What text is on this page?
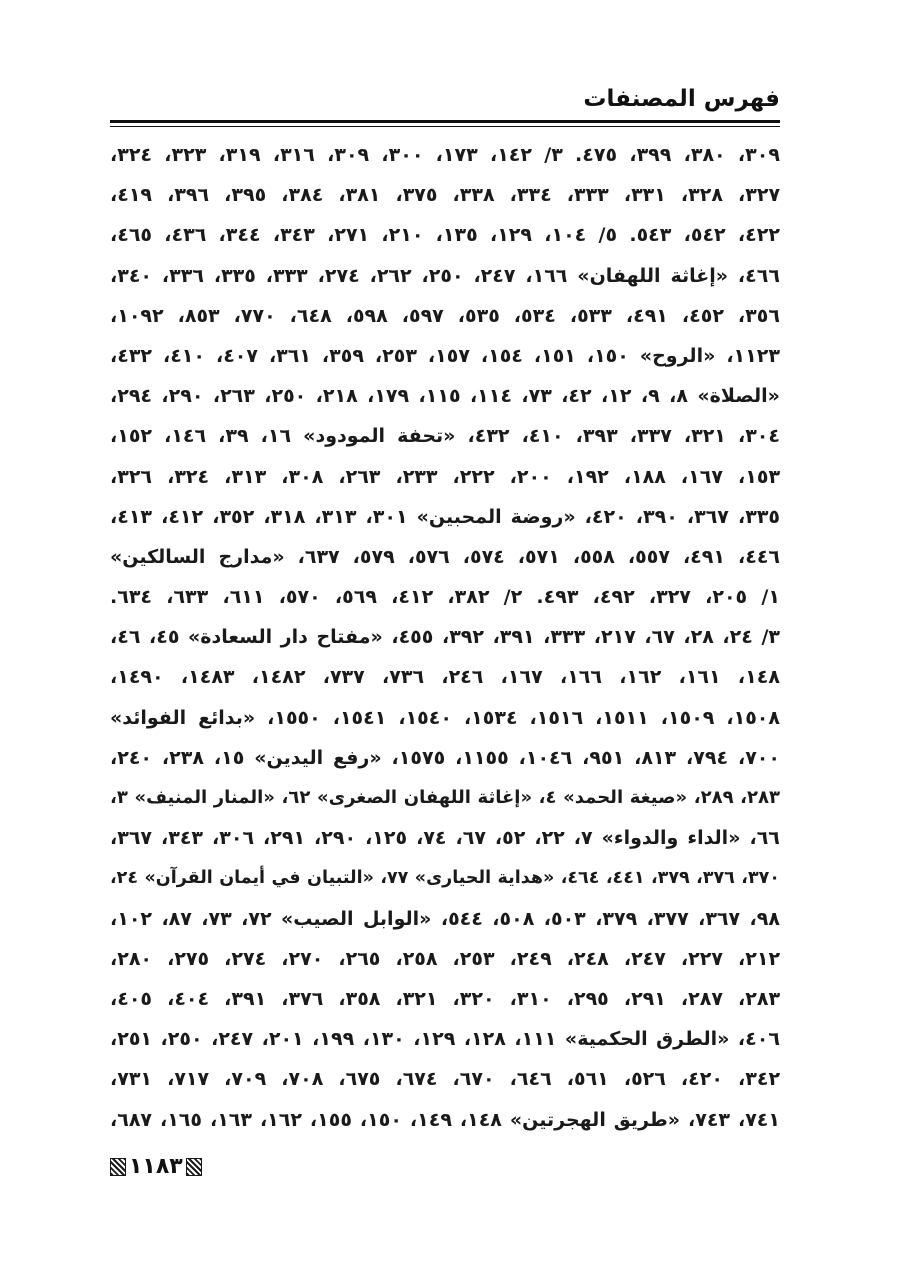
فهرس المصنفات
٣٠٩، ٣٨٠، ٣٩٩، ٤٧٥. ٣/ ١٤٢، ١٧٣، ٣٠٠، ٣٠٩، ٣١٦، ٣١٩، ٣٢٣، ٣٢٤،
٣٢٧، ٣٢٨، ٣٣١، ٣٣٣، ٣٣٤، ٣٣٨، ٣٧٥، ٣٨١، ٣٨٤، ٣٩٥، ٣٩٦، ٤١٩،
٤٢٢، ٥٤٢، ٥٤٣. ٥/ ١٠٤، ١٢٩، ١٣٥، ٢١٠، ٢٧١، ٣٤٣، ٣٤٤، ٤٣٦، ٤٦٥،
٤٦٦، «إغاثة اللهفان» ١٦٦، ٢٤٧، ٢٥٠، ٢٦٢، ٢٧٤، ٣٣٣، ٣٣٥، ٣٣٦، ٣٤٠،
٣٥٦، ٤٥٢، ٤٩١، ٥٣٣، ٥٣٤، ٥٣٥، ٥٩٧، ٥٩٨، ٦٤٨، ٧٧٠، ٨٥٣، ١٠٩٢،
١١٢٣، «الروح» ١٥٠، ١٥١، ١٥٤، ١٥٧، ٢٥٣، ٣٥٩، ٣٦١، ٤٠٧، ٤١٠، ٤٣٢،
«الصلاة» ٨، ٩، ١٢، ٤٢، ٧٣، ١١٤، ١١٥، ١٧٩، ٢١٨، ٢٥٠، ٢٦٣، ٢٩٠، ٢٩٤،
٣٠٤، ٣٢١، ٣٣٧، ٣٩٣، ٤١٠، ٤٣٢، «تحفة المودود» ١٦، ٣٩، ١٤٦، ١٥٢،
١٥٣، ١٦٧، ١٨٨، ١٩٢، ٢٠٠، ٢٢٢، ٢٣٣، ٢٦٣، ٣٠٨، ٣١٣، ٣٢٤، ٣٢٦،
٣٣٥، ٣٦٧، ٣٩٠، ٤٢٠، «روضة المحبين» ٣٠١، ٣١٣، ٣١٨، ٣٥٢، ٤١٢، ٤١٣،
٤٤٦، ٤٩١، ٥٥٧، ٥٥٨، ٥٧١، ٥٧٤، ٥٧٦، ٥٧٩، ٦٣٧، «مدارج السالكين»
١/ ٢٠٥، ٣٢٧، ٤٩٢، ٤٩٣. ٢/ ٣٨٢، ٤١٢، ٥٦٩، ٥٧٠، ٦١١، ٦٣٣، ٦٣٤.
٣/ ٢٤، ٢٨، ٦٧، ٢١٧، ٣٣٣، ٣٩١، ٣٩٢، ٤٥٥، «مفتاح دار السعادة» ٤٥، ٤٦،
١٤٨، ١٦١، ١٦٢، ١٦٦، ١٦٧، ٢٤٦، ٧٣٦، ٧٣٧، ١٤٨٢، ١٤٨٣، ١٤٩٠،
١٥٠٨، ١٥٠٩، ١٥١١، ١٥١٦، ١٥٣٤، ١٥٤٠، ١٥٤١، ١٥٥٠، «بدائع الفوائد»
٧٠٠، ٧٩٤، ٨١٣، ٩٥١، ١٠٤٦، ١١٥٥، ١٥٧٥، «رفع اليدين» ١٥، ٢٣٨، ٢٤٠،
٢٨٣، ٢٨٩، «صيغة الحمد» ٤، «إغاثة اللهفان الصغرى» ٦٢، «المنار المنيف» ٣،
٦٦، «الداء والدواء» ٧، ٢٢، ٥٢، ٦٧، ٧٤، ١٢٥، ٢٩٠، ٢٩١، ٣٠٦، ٣٤٣، ٣٦٧،
٣٧٠، ٣٧٦، ٣٧٩، ٤٤١، ٤٦٤، «هداية الحيارى» ٧٧، «التبيان في أيمان القرآن» ٢٤،
٩٨، ٣٦٧، ٣٧٧، ٣٧٩، ٥٠٣، ٥٠٨، ٥٤٤، «الوابل الصيب» ٧٢، ٧٣، ٨٧، ١٠٢،
٢١٢، ٢٢٧، ٢٤٧، ٢٤٨، ٢٤٩، ٢٥٣، ٢٥٨، ٢٦٥، ٢٧٠، ٢٧٤، ٢٧٥، ٢٨٠،
٢٨٣، ٢٨٧، ٢٩١، ٢٩٥، ٣١٠، ٣٢٠، ٣٢١، ٣٥٨، ٣٧٦، ٣٩١، ٤٠٤، ٤٠٥،
٤٠٦، «الطرق الحكمية» ١١١، ١٢٨، ١٢٩، ١٣٠، ١٩٩، ٢٠١، ٢٤٧، ٢٥٠، ٢٥١،
٣٤٢، ٤٢٠، ٥٢٦، ٥٦١، ٦٤٦، ٦٧٠، ٦٧٤، ٦٧٥، ٧٠٨، ٧٠٩، ٧١٧، ٧٣١،
٧٤١، ٧٤٣، «طريق الهجرتين» ١٤٨، ١٤٩، ١٥٠، ١٥٥، ١٦٢، ١٦٣، ١٦٥، ٦٨٧،
١١٨٣
